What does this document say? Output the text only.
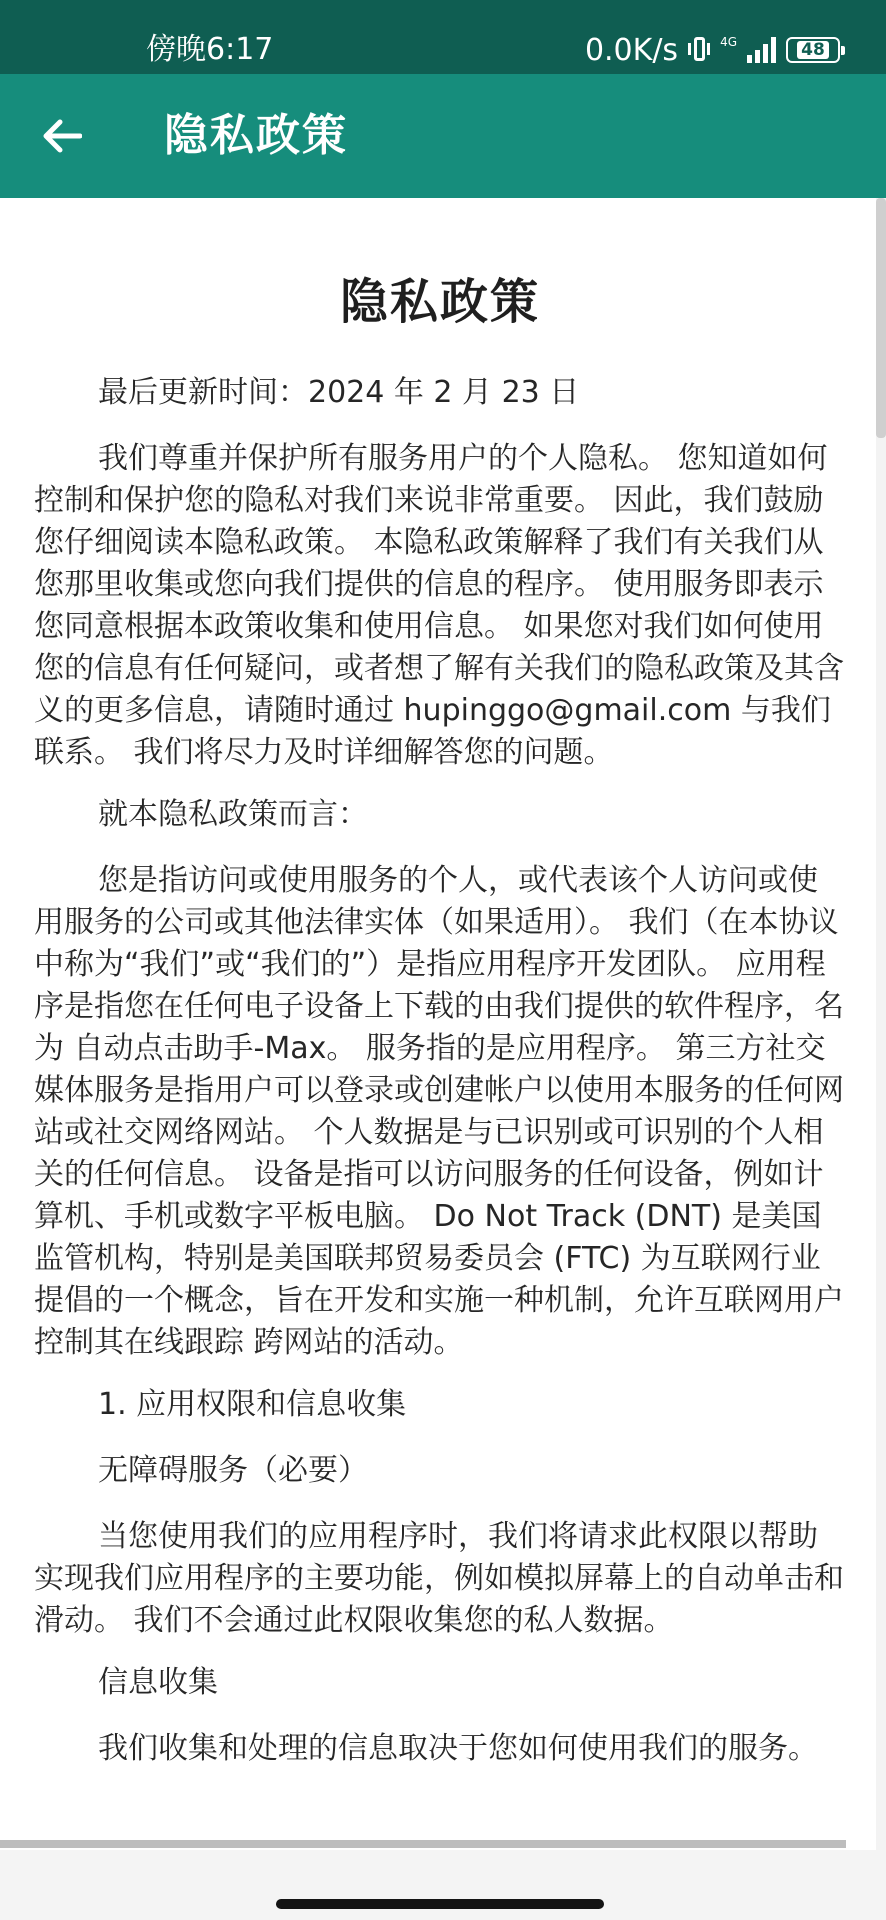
傍晚6:17	0.0K/s	4G	48
隐私政策
隐私政策

最后更新时间：2024 年 2 月 23 日

我们尊重并保护所有服务用户的个人隐私。 您知道如何控制和保护您的隐私对我们来说非常重要。 因此，我们鼓励您仔细阅读本隐私政策。 本隐私政策解释了我们有关我们从您那里收集或您向我们提供的信息的程序。 使用服务即表示您同意根据本政策收集和使用信息。 如果您对我们如何使用您的信息有任何疑问，或者想了解有关我们的隐私政策及其含义的更多信息，请随时通过 hupinggo@gmail.com 与我们联系。 我们将尽力及时详细解答您的问题。

就本隐私政策而言：

您是指访问或使用服务的个人，或代表该个人访问或使用服务的公司或其他法律实体（如果适用）。 我们（在本协议中称为“我们”或“我们的”）是指应用程序开发团队。 应用程序是指您在任何电子设备上下载的由我们提供的软件程序，名为 自动点击助手-Max。 服务指的是应用程序。 第三方社交媒体服务是指用户可以登录或创建帐户以使用本服务的任何网站或社交网络网站。 个人数据是与已识别或可识别的个人相关的任何信息。 设备是指可以访问服务的任何设备，例如计算机、手机或数字平板电脑。 Do Not Track (DNT) 是美国监管机构，特别是美国联邦贸易委员会 (FTC) 为互联网行业提倡的一个概念，旨在开发和实施一种机制，允许互联网用户控制其在线跟踪 跨网站的活动。

1. 应用权限和信息收集

无障碍服务（必要）

当您使用我们的应用程序时，我们将请求此权限以帮助实现我们应用程序的主要功能，例如模拟屏幕上的自动单击和滑动。 我们不会通过此权限收集您的私人数据。

信息收集

我们收集和处理的信息取决于您如何使用我们的服务。
